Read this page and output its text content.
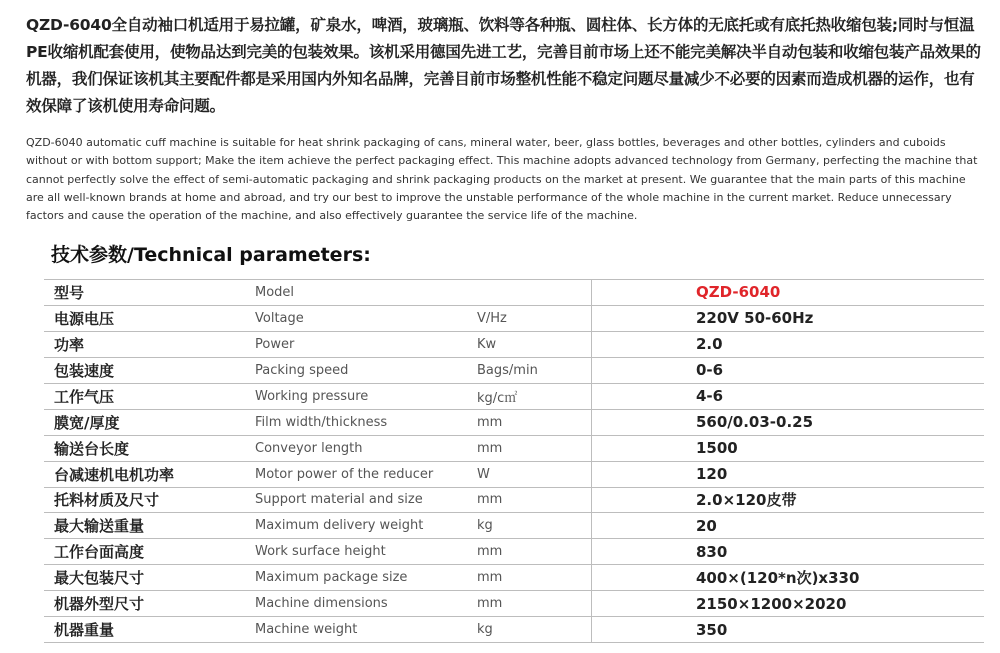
QZD-6040全自动袖口机适用于易拉罐，矿泉水，啤酒，玻璃瓶、饮料等各种瓶、圆柱体、长方体的无底托或有底托热收缩包装;同时与恒温PE收缩机配套使用，使物品达到完美的包装效果。该机采用德国先进工艺，完善目前市场上还不能完美解决半自动包装和收缩包装产品效果的机器，我们保证该机其主要配件都是采用国内外知名品牌，完善目前市场整机性能不稳定问题尽量减少不必要的因素而造成机器的运作，也有效保障了该机使用寿命问题。
QZD-6040 automatic cuff machine is suitable for heat shrink packaging of cans, mineral water, beer, glass bottles, beverages and other bottles, cylinders and cuboids without or with bottom support; Make the item achieve the perfect packaging effect. This machine adopts advanced technology from Germany, perfecting the machine that cannot perfectly solve the effect of semi-automatic packaging and shrink packaging products on the market at present. We guarantee that the main parts of this machine are all well-known brands at home and abroad, and try our best to improve the unstable performance of the whole machine in the current market. Reduce unnecessary factors and cause the operation of the machine, and also effectively guarantee the service life of the machine.
技术参数/Technical parameters:
型号	Model		QZD-6040
电源电压	Voltage	V/Hz	220V 50-60Hz
功率	Power	Kw	2.0
包装速度	Packing speed	Bags/min	0-6
工作气压	Working pressure	kg/c㎡	4-6
膜宽/厚度	Film width/thickness	mm	560/0.03-0.25
输送台长度	Conveyor length	mm	1500
台减速机电机功率	Motor power of the reducer	W	120
托料材质及尺寸	Support material and size	mm	2.0×120皮带
最大输送重量	Maximum delivery weight	kg	20
工作台面高度	Work surface height	mm	830
最大包装尺寸	Maximum package size	mm	400×(120*n次)x330
机器外型尺寸	Machine dimensions	mm	2150×1200×2020
机器重量	Machine weight	kg	350
